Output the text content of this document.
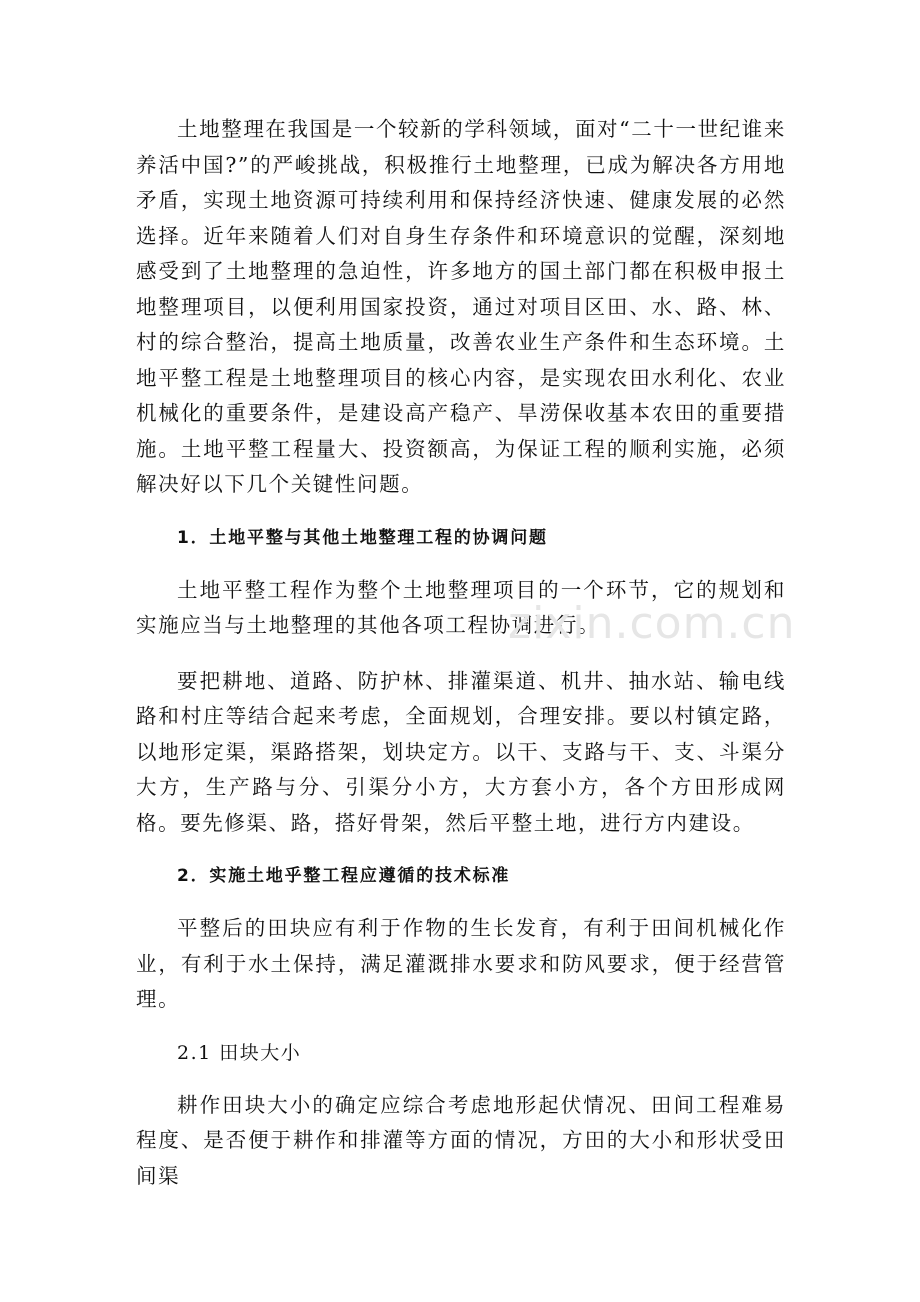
土地整理在我国是一个较新的学科领域，面对“二十一世纪谁来养活中国?”的严峻挑战，积极推行土地整理，已成为解决各方用地矛盾，实现土地资源可持续利用和保持经济快速、健康发展的必然选择。近年来随着人们对自身生存条件和环境意识的觉醒，深刻地感受到了土地整理的急迫性，许多地方的国土部门都在积极申报土地整理项目，以便利用国家投资，通过对项目区田、水、路、林、村的综合整治，提高土地质量，改善农业生产条件和生态环境。土地平整工程是土地整理项目的核心内容，是实现农田水利化、农业机械化的重要条件，是建设高产稳产、旱涝保收基本农田的重要措施。土地平整工程量大、投资额高，为保证工程的顺利实施，必须解决好以下几个关键性问题。

1．土地平整与其他土地整理工程的协调问题

土地平整工程作为整个土地整理项目的一个环节，它的规划和实施应当与土地整理的其他各项工程协调进行。

要把耕地、道路、防护林、排灌渠道、机井、抽水站、输电线路和村庄等结合起来考虑，全面规划，合理安排。要以村镇定路，以地形定渠，渠路搭架，划块定方。以干、支路与干、支、斗渠分大方，生产路与分、引渠分小方，大方套小方，各个方田形成网格。要先修渠、路，搭好骨架，然后平整土地，进行方内建设。

2．实施土地乎整工程应遵循的技术标准

平整后的田块应有利于作物的生长发育，有利于田间机械化作业，有利于水土保持，满足灌溉排水要求和防风要求，便于经营管理。

2.1 田块大小

耕作田块大小的确定应综合考虑地形起伏情况、田间工程难易程度、是否便于耕作和排灌等方面的情况，方田的大小和形状受田间渠

zixin.com.cn
